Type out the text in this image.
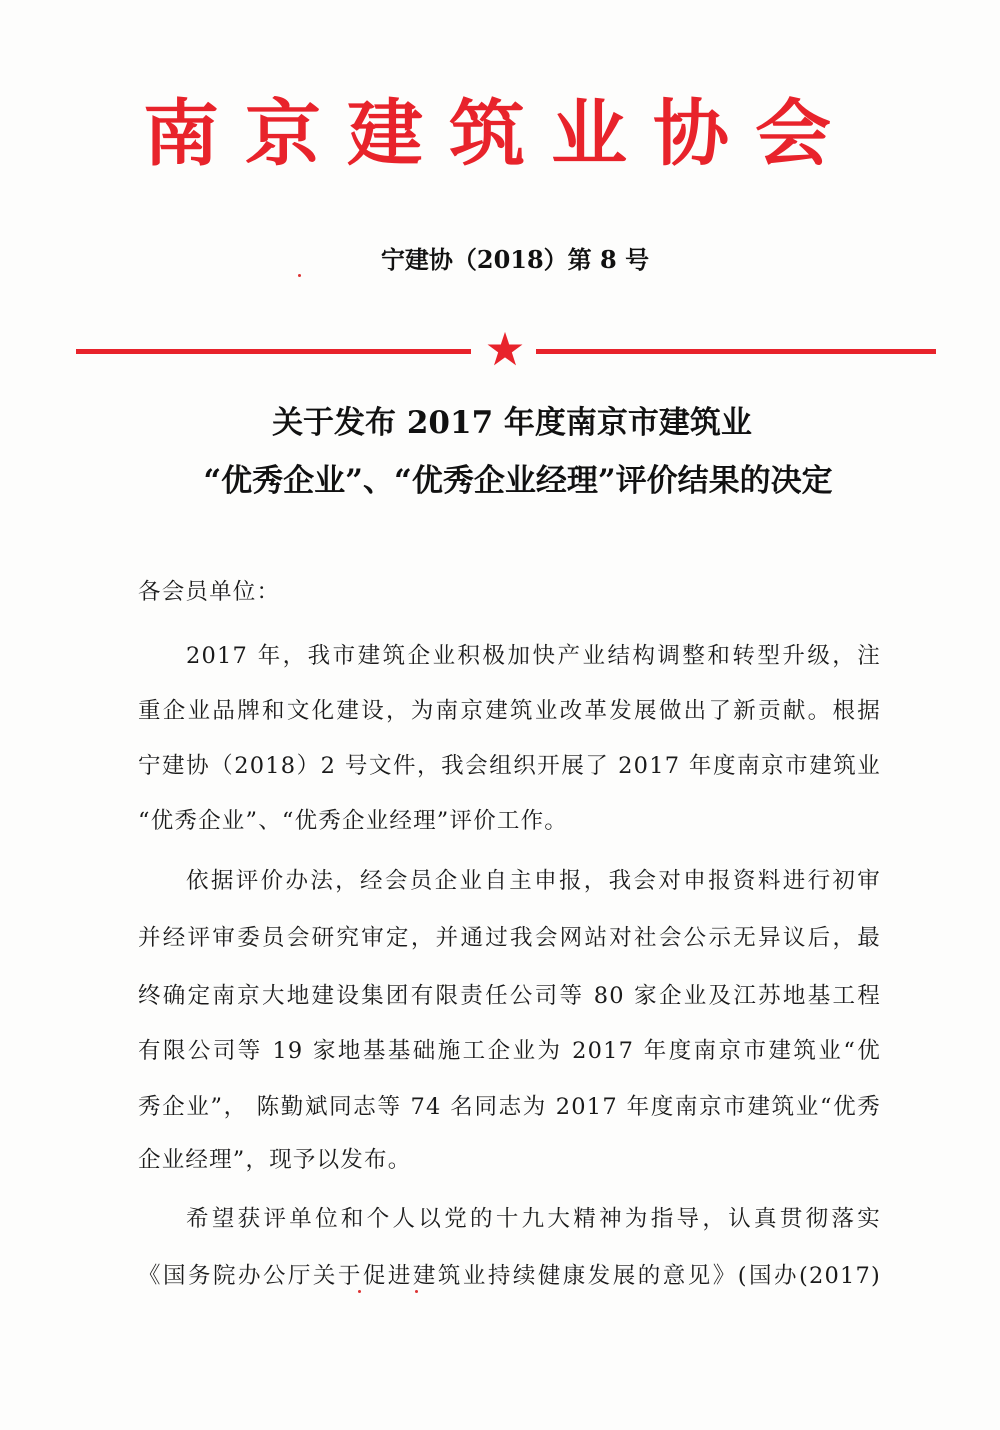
南京建筑业协会
宁建协（2018）第 8 号
关于发布 2017 年度南京市建筑业
“优秀企业”、“优秀企业经理”评价结果的决定
各会员单位：
2017 年，我市建筑企业积极加快产业结构调整和转型升级，注
重企业品牌和文化建设，为南京建筑业改革发展做出了新贡献。根据
宁建协（2018）2 号文件，我会组织开展了 2017 年度南京市建筑业
“优秀企业”、“优秀企业经理”评价工作。
依据评价办法，经会员企业自主申报，我会对申报资料进行初审
并经评审委员会研究审定，并通过我会网站对社会公示无异议后，最
终确定南京大地建设集团有限责任公司等 80 家企业及江苏地基工程
有限公司等 19 家地基基础施工企业为 2017 年度南京市建筑业“优
秀企业”， 陈勤斌同志等 74 名同志为 2017 年度南京市建筑业“优秀
企业经理”，现予以发布。
希望获评单位和个人以党的十九大精神为指导，认真贯彻落实
《国务院办公厅关于促进建筑业持续健康发展的意见》(国办(2017)
